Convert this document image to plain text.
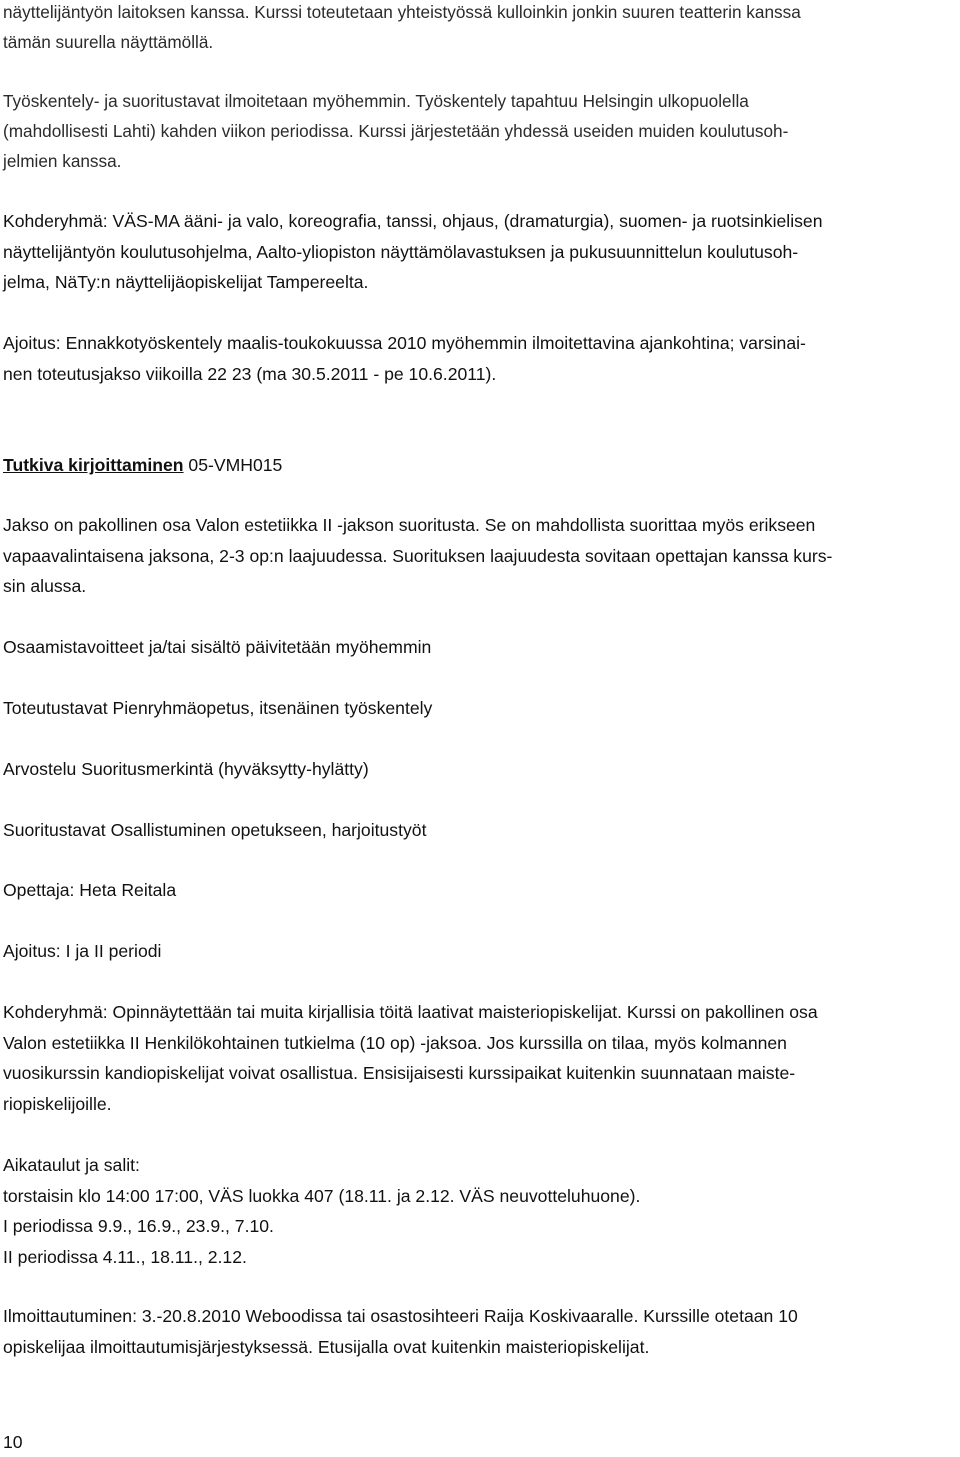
näyttelijäntyön laitoksen kanssa. Kurssi toteutetaan yhteistyössä kulloinkin jonkin suuren teatterin kanssa
tämän suurella näyttämöllä.
Työskentely- ja suoritustavat ilmoitetaan myöhemmin. Työskentely tapahtuu Helsingin ulkopuolella
(mahdollisesti Lahti) kahden viikon periodissa. Kurssi järjestetään yhdessä useiden muiden koulutusoh-
jelmien kanssa.
Kohderyhmä: VÄS-MA ääni- ja valo, koreografia, tanssi, ohjaus, (dramaturgia), suomen- ja ruotsinkielisen
näyttelijäntyön koulutusohjelma, Aalto-yliopiston näyttämölavastuksen ja pukusuunnittelun koulutusoh-
jelma, NäTy:n näyttelijäopiskelijat Tampereelta.
Ajoitus: Ennakkotyöskentely maalis-toukokuussa 2010 myöhemmin ilmoitettavina ajankohtina; varsinai-
nen toteutusjakso viikoilla 22 23 (ma 30.5.2011 - pe 10.6.2011).
Tutkiva kirjoittaminen 05-VMH015
Jakso on pakollinen osa Valon estetiikka II -jakson suoritusta. Se on mahdollista suorittaa myös erikseen
vapaavalintaisena jaksona, 2-3 op:n laajuudessa. Suorituksen laajuudesta sovitaan opettajan kanssa kurs-
sin alussa.
Osaamistavoitteet ja/tai sisältö päivitetään myöhemmin
Toteutustavat Pienryhmäopetus, itsenäinen työskentely
Arvostelu Suoritusmerkintä (hyväksytty-hylätty)
Suoritustavat Osallistuminen opetukseen, harjoitustyöt
Opettaja: Heta Reitala
Ajoitus: I ja II periodi
Kohderyhmä: Opinnäytettään tai muita kirjallisia töitä laativat maisteriopiskelijat. Kurssi on pakollinen osa
Valon estetiikka II Henkilökohtainen tutkielma (10 op) -jaksoa. Jos kurssilla on tilaa, myös kolmannen
vuosikurssin kandiopiskelijat voivat osallistua. Ensisijaisesti kurssipaikat kuitenkin suunnataan maiste-
riopiskelijoille.
Aikataulut ja salit:
torstaisin klo 14:00 17:00, VÄS luokka 407 (18.11. ja 2.12. VÄS neuvotteluhuone).
I periodissa 9.9., 16.9., 23.9., 7.10.
II periodissa 4.11., 18.11., 2.12.
Ilmoittautuminen: 3.-20.8.2010 Weboodissa tai osastosihteeri Raija Koskivaaralle. Kurssille otetaan 10
opiskelijaa ilmoittautumisjärjestyksessä. Etusijalla ovat kuitenkin maisteriopiskelijat.
10
